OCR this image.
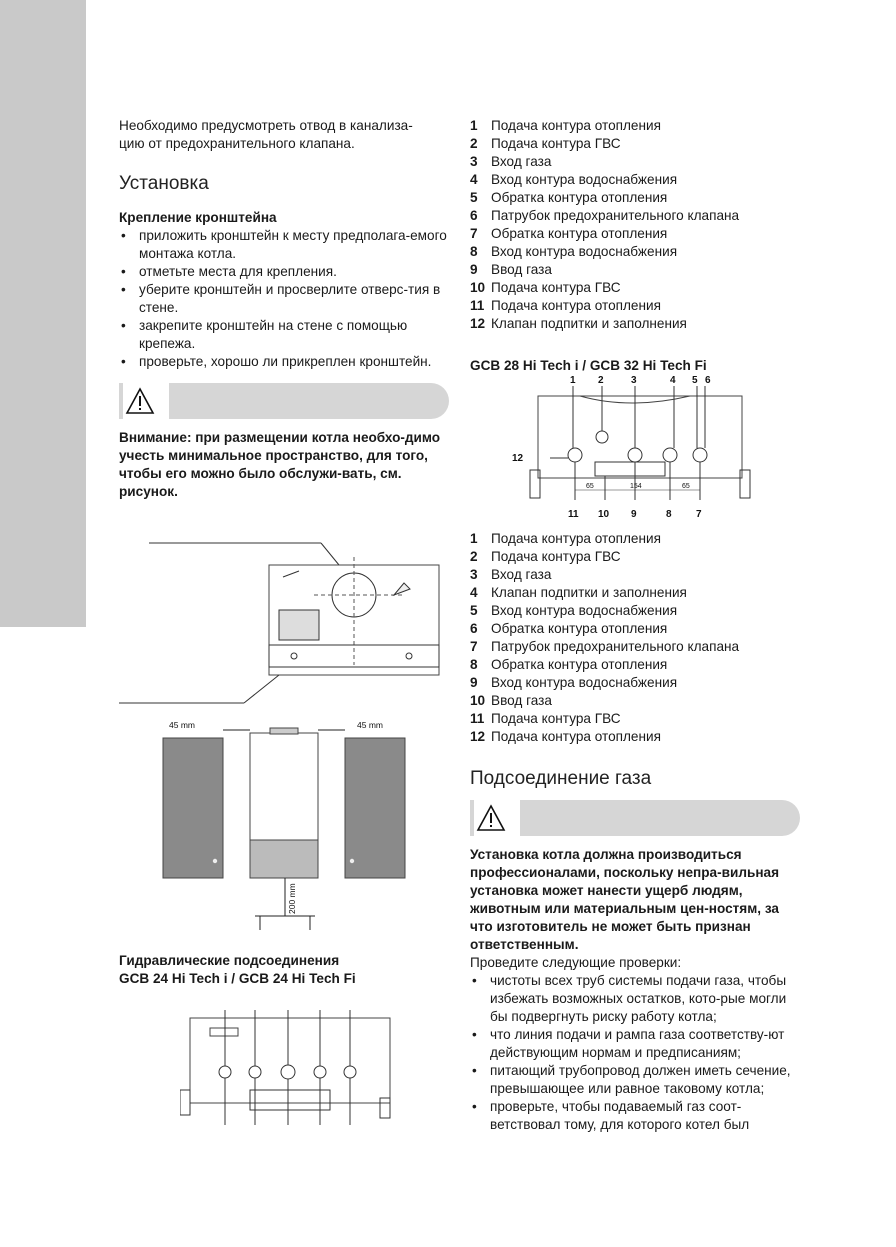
Необходимо предусмотреть отвод в канализа-
цию от предохранительного клапана.

Установка
Крепление кронштейна
• приложить кронштейн к месту предполага-емого монтажа котла.
• отметьте места для крепления.
• уберите кронштейн и просверлите отверс-тия в стене.
• закрепите кронштейн на стене с помощью крепежа.
• проверьте, хорошо ли прикреплен кронштейн.
Внимание: при размещении котла необхо-димо учесть минимальное пространство, для того, чтобы его можно было обслужи-вать, см. рисунок.
45 mm	45 mm
200 mm
Гидравлические подсоединения
GCB 24 Hi Tech i / GCB 24 Hi Tech Fi
1 Подача контура отопления
2 Подача контура ГВС
3 Вход газа
4 Вход контура водоснабжения
5 Обратка контура отопления
6 Патрубок предохранительного клапана
7 Обратка контура отопления
8 Вход контура водоснабжения
9 Ввод газа
10 Подача контура ГВС
11 Подача контура отопления
12 Клапан подпитки и заполнения
GCB 28 Hi Tech i / GCB 32 Hi Tech Fi
1 2	3	4 5 6
12
65	154	65
11 10 9	8 7
1 Подача контура отопления
2 Подача контура ГВС
3 Вход газа
4 Клапан подпитки и заполнения
5 Вход контура водоснабжения
6 Обратка контура отопления
7 Патрубок предохранительного клапана
8 Обратка контура отопления
9 Вход контура водоснабжения
10 Ввод газа
11 Подача контура ГВС
12 Подача контура отопления
Подсоединение газа
Установка котла должна производиться профессионалами, поскольку непра-вильная установка может нанести ущерб людям, животным или материальным цен-ностям, за что изготовитель не может быть признан ответственным.

Проведите следующие проверки:

• чистоты всех труб системы подачи газа, чтобы избежать возможных остатков, кото-рые могли бы подвергнуть риску работу котла;
• что линия подачи и рампа газа соответству-ют действующим нормам и предписаниям;
• питающий трубопровод должен иметь сечение, превышающее или равное таковому котла;
• проверьте, чтобы подаваемый газ соот-ветствовал тому, для которого котел был
